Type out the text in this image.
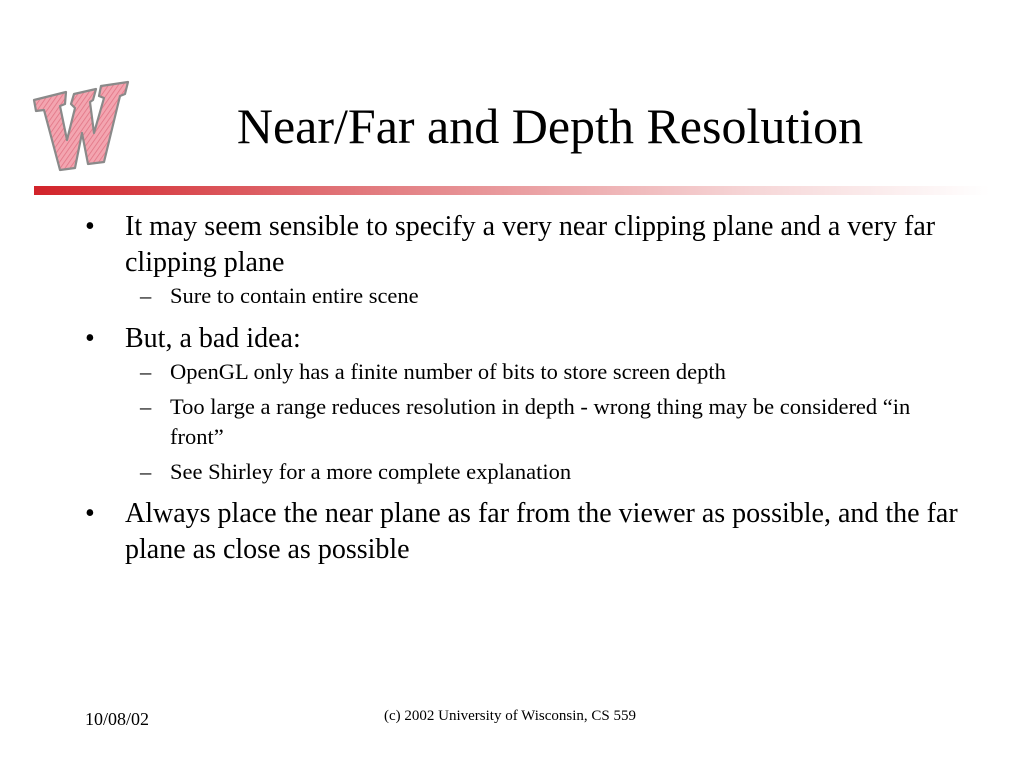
Near/Far and Depth Resolution
•	It may seem sensible to specify a very near clipping plane and a very far clipping plane
– Sure to contain entire scene
•	But, a bad idea:
– OpenGL only has a finite number of bits to store screen depth
– Too large a range reduces resolution in depth - wrong thing may be considered “in front”
– See Shirley for a more complete explanation
•	Always place the near plane as far from the viewer as possible, and the far plane as close as possible
10/08/02	(c) 2002 University of Wisconsin, CS 559
